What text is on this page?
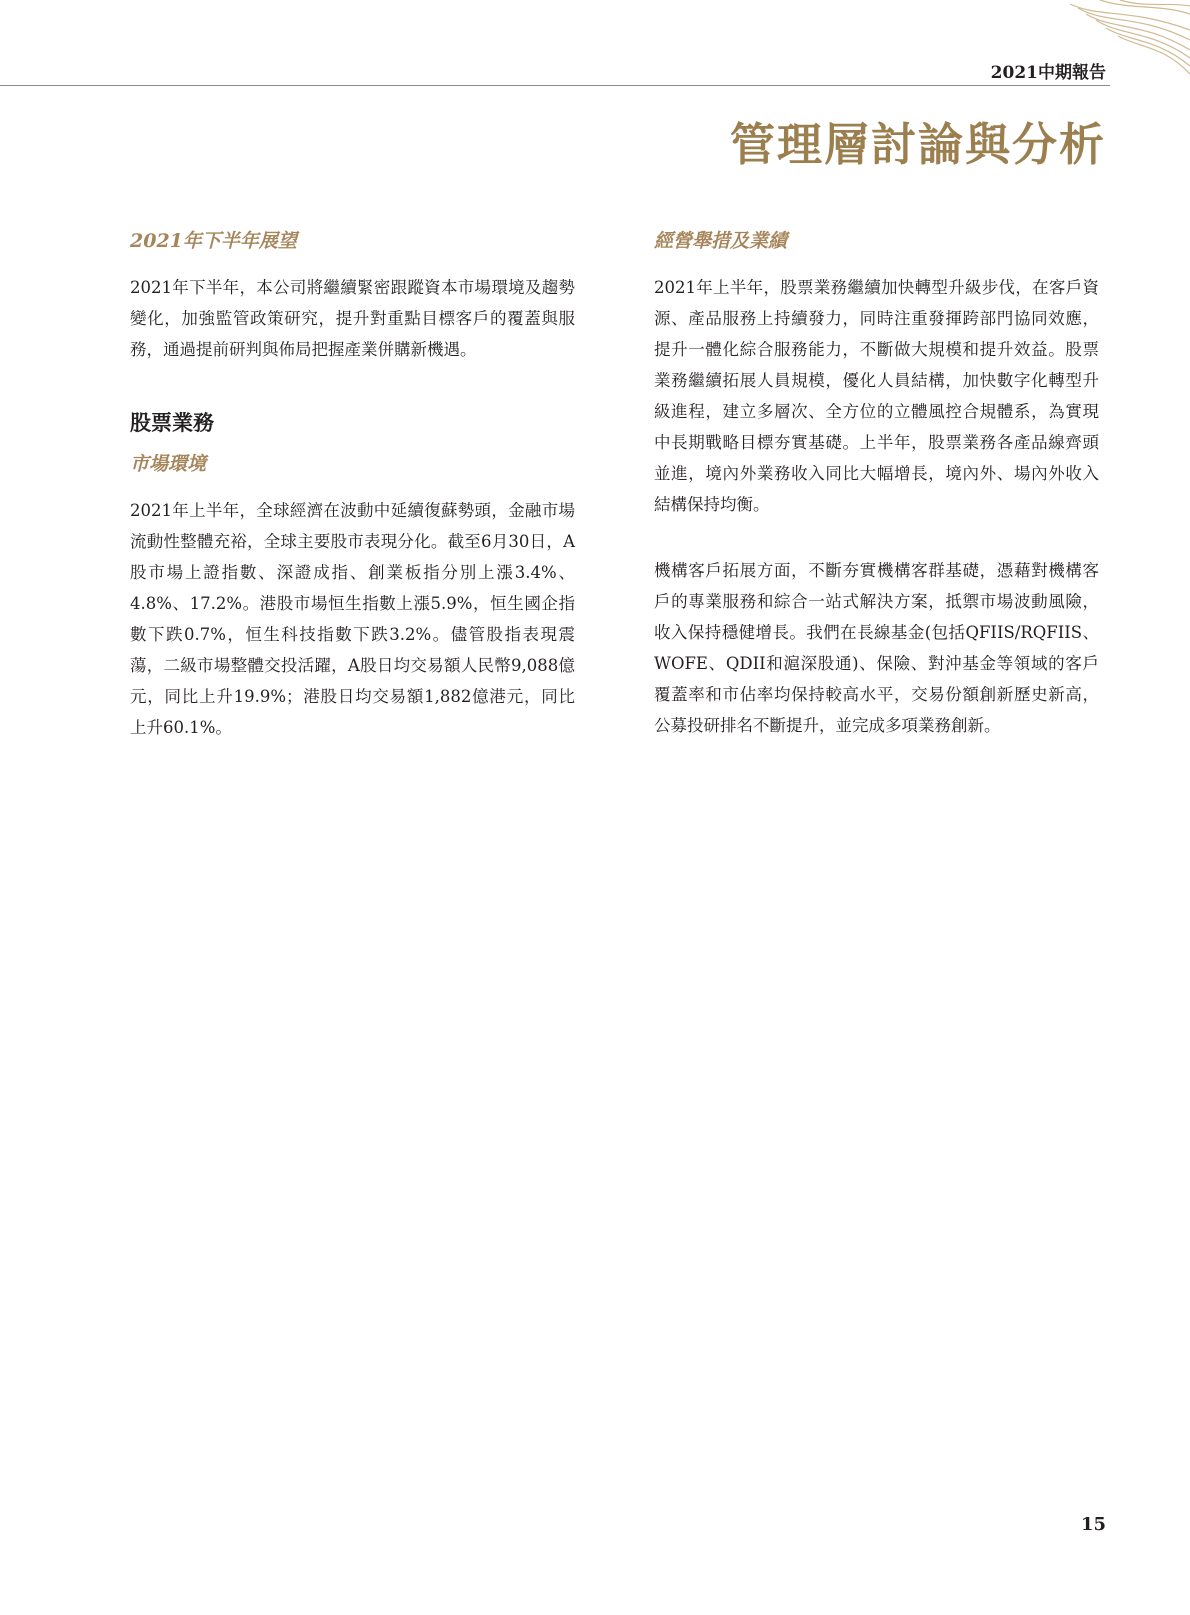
2021中期報告
管理層討論與分析
2021年下半年展望

2021年下半年，本公司將繼續緊密跟蹤資本市場環境及趨勢變化，加強監管政策研究，提升對重點目標客戶的覆蓋與服務，通過提前研判與佈局把握產業併購新機遇。

股票業務
市場環境

2021年上半年，全球經濟在波動中延續復蘇勢頭，金融市場流動性整體充裕，全球主要股市表現分化。截至6月30日，A股市場上證指數、深證成指、創業板指分別上漲3.4%、4.8%、17.2%。港股市場恒生指數上漲5.9%，恒生國企指數下跌0.7%，恒生科技指數下跌3.2%。儘管股指表現震蕩，二級市場整體交投活躍，A股日均交易額人民幣9,088億元，同比上升19.9%；港股日均交易額1,882億港元，同比上升60.1%。

經營舉措及業績

2021年上半年，股票業務繼續加快轉型升級步伐，在客戶資源、產品服務上持續發力，同時注重發揮跨部門協同效應，提升一體化綜合服務能力，不斷做大規模和提升效益。股票業務繼續拓展人員規模，優化人員結構，加快數字化轉型升級進程，建立多層次、全方位的立體風控合規體系，為實現中長期戰略目標夯實基礎。上半年，股票業務各產品線齊頭並進，境內外業務收入同比大幅增長，境內外、場內外收入結構保持均衡。

機構客戶拓展方面，不斷夯實機構客群基礎，憑藉對機構客戶的專業服務和綜合一站式解決方案，抵禦市場波動風險，收入保持穩健增長。我們在長線基金(包括QFIIS/RQFIIS、WOFE、QDII和滬深股通)、保險、對沖基金等領域的客戶覆蓋率和市佔率均保持較高水平，交易份額創新歷史新高，公募投研排名不斷提升，並完成多項業務創新。

15
